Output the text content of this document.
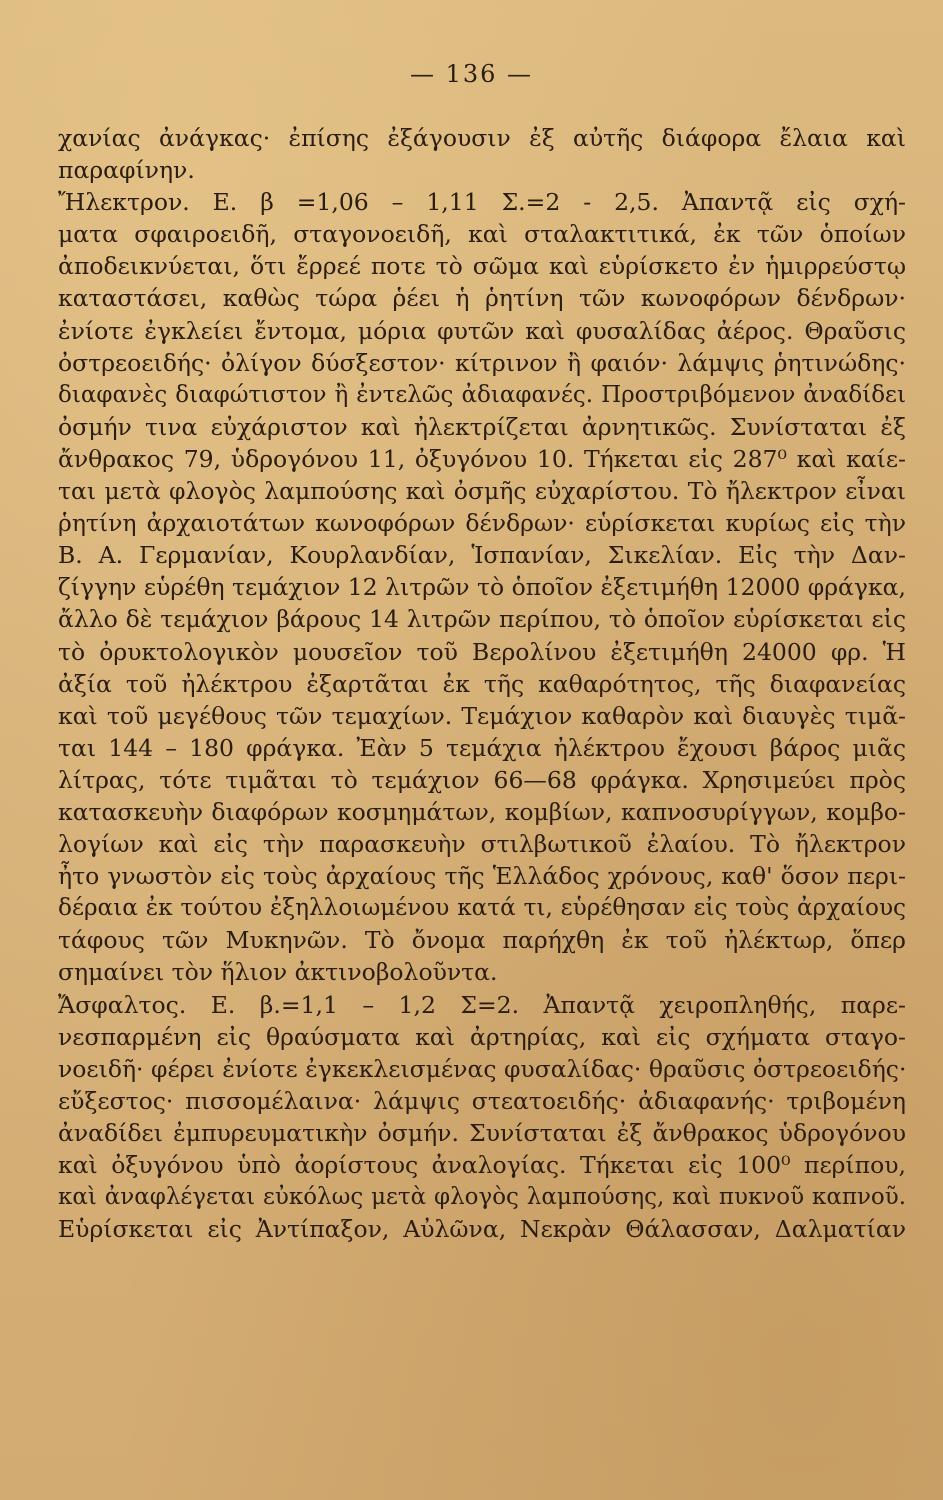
— 136 —
χανίας ἀνάγκας· ἐπίσης ἐξάγουσιν ἐξ αὐτῆς διάφορα ἔλαια καὶ
παραφίνην.
Ἤλεκτρον. Ε. β =1,06 – 1,11 Σ.=2 - 2,5. Ἀπαντᾷ εἰς σχή-
ματα σφαιροειδῆ, σταγονοειδῆ, καὶ σταλακτιτικά, ἐκ τῶν ὁποίων
ἀποδεικνύεται, ὅτι ἔρρεέ ποτε τὸ σῶμα καὶ εὑρίσκετο ἐν ἡμιρρεύστῳ
καταστάσει, καθὼς τώρα ῥέει ἡ ῥητίνη τῶν κωνοφόρων δένδρων·
ἐνίοτε ἐγκλείει ἔντομα, μόρια φυτῶν καὶ φυσαλίδας ἀέρος. Θραῦσις
ὀστρεοειδής· ὀλίγον δύσξεστον· κίτρινον ἢ φαιόν· λάμψις ῥητινώδης·
διαφανὲς διαφώτιστον ἢ ἐντελῶς ἀδιαφανές. Προστριβόμενον ἀναδίδει
ὀσμήν τινα εὐχάριστον καὶ ἠλεκτρίζεται ἀρνητικῶς. Συνίσταται ἐξ
ἄνθρακος 79, ὑδρογόνου 11, ὀξυγόνου 10. Τήκεται εἰς 287⁰ καὶ καίε-
ται μετὰ φλογὸς λαμπούσης καὶ ὀσμῆς εὐχαρίστου. Τὸ ἤλεκτρον εἶναι
ῥητίνη ἀρχαιοτάτων κωνοφόρων δένδρων· εὑρίσκεται κυρίως εἰς τὴν
Β. Α. Γερμανίαν, Κουρλανδίαν, Ἱσπανίαν, Σικελίαν. Εἰς τὴν Δαν-
ζίγγην εὑρέθη τεμάχιον 12 λιτρῶν τὸ ὁποῖον ἐξετιμήθη 12000 φράγκα,
ἄλλο δὲ τεμάχιον βάρους 14 λιτρῶν περίπου, τὸ ὁποῖον εὑρίσκεται εἰς
τὸ ὀρυκτολογικὸν μουσεῖον τοῦ Βερολίνου ἐξετιμήθη 24000 φρ. Ἡ
ἀξία τοῦ ἠλέκτρου ἐξαρτᾶται ἐκ τῆς καθαρότητος, τῆς διαφανείας
καὶ τοῦ μεγέθους τῶν τεμαχίων. Τεμάχιον καθαρὸν καὶ διαυγὲς τιμᾶ-
ται 144 – 180 φράγκα. Ἐὰν 5 τεμάχια ἠλέκτρου ἔχουσι βάρος μιᾶς
λίτρας, τότε τιμᾶται τὸ τεμάχιον 66—68 φράγκα. Χρησιμεύει πρὸς
κατασκευὴν διαφόρων κοσμημάτων, κομβίων, καπνοσυρίγγων, κομβο-
λογίων καὶ εἰς τὴν παρασκευὴν στιλβωτικοῦ ἐλαίου. Τὸ ἤλεκτρον
ἦτο γνωστὸν εἰς τοὺς ἀρχαίους τῆς Ἑλλάδος χρόνους, καθ' ὅσον περι-
δέραια ἐκ τούτου ἐξηλλοιωμένου κατά τι, εὑρέθησαν εἰς τοὺς ἀρχαίους
τάφους τῶν Μυκηνῶν. Τὸ ὄνομα παρήχθη ἐκ τοῦ ἠλέκτωρ, ὅπερ
σημαίνει τὸν ἥλιον ἀκτινοβολοῦντα.
Ἄσφαλτος. Ε. β.=1,1 – 1,2 Σ=2. Ἀπαντᾷ χειροπληθής, παρε-
νεσπαρμένη εἰς θραύσματα καὶ ἀρτηρίας, καὶ εἰς σχήματα σταγο-
νοειδῆ· φέρει ἐνίοτε ἐγκεκλεισμένας φυσαλίδας· θραῦσις ὀστρεοειδής·
εὔξεστος· πισσομέλαινα· λάμψις στεατοειδής· ἀδιαφανής· τριβομένη
ἀναδίδει ἐμπυρευματικὴν ὀσμήν. Συνίσταται ἐξ ἄνθρακος ὑδρογόνου
καὶ ὀξυγόνου ὑπὸ ἀορίστους ἀναλογίας. Τήκεται εἰς 100⁰ περίπου,
καὶ ἀναφλέγεται εὐκόλως μετὰ φλογὸς λαμπούσης, καὶ πυκνοῦ καπνοῦ.
Εὑρίσκεται εἰς Ἀντίπαξον, Αὐλῶνα, Νεκρὰν Θάλασσαν, Δαλματίαν
